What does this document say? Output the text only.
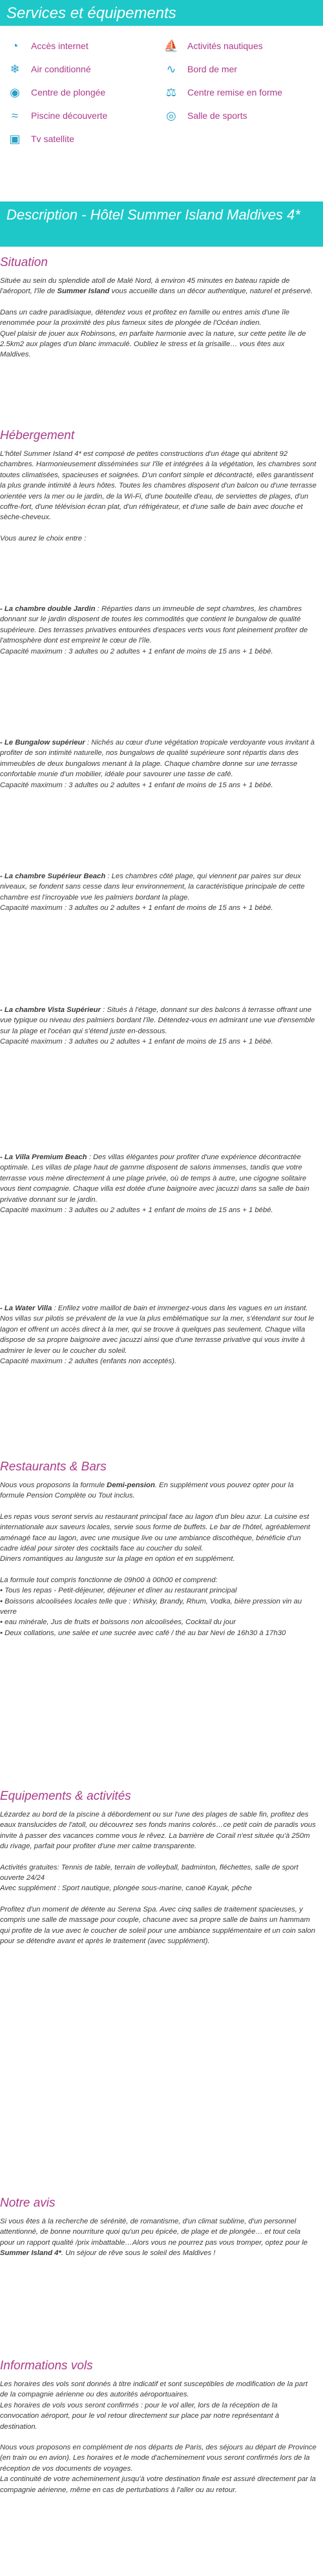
Services et équipements
◔	Accès internet	⛵ Activités nautiques
❄	Air conditionné	∿	Bord de mer
◉	Centre de plongée	⚖	Centre remise en forme
≈	Piscine découverte	◎	Salle de sports
▣	Tv satellite
Description - Hôtel Summer Island Maldives 4*
Situation

Située au sein du splendide atoll de Malé Nord, à environ 45 minutes en bateau rapide de l'aéroport, l'île de Summer Island vous accueille dans un décor authentique, naturel et préservé.

Dans un cadre paradisiaque, détendez vous et profitez en famille ou entres amis d'une île renommée pour la proximité des plus fameux sites de plongée de l'Océan indien.

Quel plaisir de jouer aux Robinsons, en parfaite harmonie avec la nature, sur cette petite île de 2.5km2 aux plages d'un blanc immaculé. Oubliez le stress et la grisaille… vous êtes aux Maldives.

Hébergement

L'hôtel Summer Island 4* est composé de petites constructions d'un étage qui abritent 92 chambres. Harmonieusement disséminées sur l'île et intégrées à la végétation, les chambres sont toutes climatisées, spacieuses et soignées. D'un confort simple et décontracté, elles garantissent la plus grande intimité à leurs hôtes. Toutes les chambres disposent d'un balcon ou d'une terrasse orientée vers la mer ou le jardin, de la Wi-Fi, d'une bouteille d'eau, de serviettes de plages, d'un coffre-fort, d'une télévision écran plat, d'un réfrigérateur, et d'une salle de bain avec douche et sèche-cheveux.

Vous aurez le choix entre :

- La chambre double Jardin : Réparties dans un immeuble de sept chambres, les chambres donnant sur le jardin disposent de toutes les commodités que contient le bungalow de qualité supérieure. Des terrasses privatives entourées d'espaces verts vous font pleinement profiter de l'atmosphère dont est empreint le cœur de l'île.

Capacité maximum : 3 adultes ou 2 adultes + 1 enfant de moins de 15 ans + 1 bébé.

- Le Bungalow supérieur : Nichés au cœur d'une végétation tropicale verdoyante vous invitant à profiter de son intimité naturelle, nos bungalows de qualité supérieure sont répartis dans des immeubles de deux bungalows menant à la plage. Chaque chambre donne sur une terrasse confortable munie d'un mobilier, idéale pour savourer une tasse de café.

Capacité maximum : 3 adultes ou 2 adultes + 1 enfant de moins de 15 ans + 1 bébé.

- La chambre Supérieur Beach : Les chambres côté plage, qui viennent par paires sur deux niveaux, se fondent sans cesse dans leur environnement, la caractéristique principale de cette chambre est l'incroyable vue les palmiers bordant la plage.

Capacité maximum : 3 adultes ou 2 adultes + 1 enfant de moins de 15 ans + 1 bébé.

- La chambre Vista Supérieur : Situés à l'étage, donnant sur des balcons à terrasse offrant une vue typique ou niveau des palmiers bordant l'île. Détendez-vous en admirant une vue d'ensemble sur la plage et l'océan qui s'étend juste en-dessous.

Capacité maximum : 3 adultes ou 2 adultes + 1 enfant de moins de 15 ans + 1 bébé.

- La Villa Premium Beach : Des villas élégantes pour profiter d'une expérience décontractée optimale. Les villas de plage haut de gamme disposent de salons immenses, tandis que votre terrasse vous mène directement à une plage privée, où de temps à autre, une cigogne solitaire vous tient compagnie. Chaque villa est dotée d'une baignoire avec jacuzzi dans sa salle de bain privative donnant sur le jardin.

Capacité maximum : 3 adultes ou 2 adultes + 1 enfant de moins de 15 ans + 1 bébé.

- La Water Villa : Enfilez votre maillot de bain et immergez-vous dans les vagues en un instant. Nos villas sur pilotis se prévalent de la vue la plus emblématique sur la mer, s'étendant sur tout le lagon et offrent un accès direct à la mer, qui se trouve à quelques pas seulement. Chaque villa dispose de sa propre baignoire avec jacuzzi ainsi que d'une terrasse privative qui vous invite à admirer le lever ou le coucher du soleil.

Capacité maximum : 2 adultes (enfants non acceptés).

Restaurants & Bars

Nous vous proposons la formule Demi-pension. En supplément vous pouvez opter pour la formule Pension Complète ou Tout inclus.

Les repas vous seront servis au restaurant principal face au lagon d'un bleu azur. La cuisine est internationale aux saveurs locales, servie sous forme de buffets. Le bar de l'hôtel, agréablement aménagé face au lagon, avec une musique live ou une ambiance discothèque, bénéficie d'un cadre idéal pour siroter des cocktails face au coucher du soleil.

Diners romantiques au languste sur la plage en option et en supplément.

La formule tout compris fonctionne de 09h00 à 00h00 et comprend:

• Tous les repas - Petit-déjeuner, déjeuner et dîner au restaurant principal

• Boissons alcoolisées locales telle que : Whisky, Brandy, Rhum, Vodka, bière pression vin au verre

• eau minérale, Jus de fruits et boissons non alcoolisées, Cocktail du jour

• Deux collations, une salée et une sucrée avec café / thé au bar Nevi de 16h30 à 17h30

Equipements & activités

Lézardez au bord de la piscine à débordement ou sur l'une des plages de sable fin, profitez des eaux translucides de l'atoll, ou découvrez ses fonds marins colorés…ce petit coin de paradis vous invite à passer des vacances comme vous le rêvez. La barrière de Corail n'est située qu'à 250m du rivage, parfait pour profiter d'une mer calme transparente.

Activités gratuites: Tennis de table, terrain de volleyball, badminton, fléchettes, salle de sport ouverte 24/24

Avec supplément : Sport nautique, plongée sous-marine, canoë Kayak, pêche

Profitez d'un moment de détente au Serena Spa. Avec cinq salles de traitement spacieuses, y compris une salle de massage pour couple, chacune avec sa propre salle de bains un hammam qui profite de la vue avec le coucher de soleil pour une ambiance supplémentaire et un coin salon pour se détendre avant et après le traitement (avec supplément).

Notre avis

Si vous êtes à la recherche de sérénité, de romantisme, d'un climat sublime, d'un personnel attentionné, de bonne nourriture quoi qu'un peu épicée, de plage et de plongée… et tout cela pour un rapport qualité /prix imbattable…Alors vous ne pourrez pas vous tromper, optez pour le Summer Island 4*. Un séjour de rêve sous le soleil des Maldives !

Informations vols

Les horaires des vols sont donnés à titre indicatif et sont susceptibles de modification de la part de la compagnie aérienne ou des autorités aéroportuaires.

Les horaires de vols vous seront confirmés : pour le vol aller, lors de la réception de la convocation aéroport, pour le vol retour directement sur place par notre représentant à destination.

Nous vous proposons en complément de nos départs de Paris, des séjours au départ de Province (en train ou en avion). Les horaires et le mode d'acheminement vous seront confirmés lors de la réception de vos documents de voyages.

La continuité de votre acheminement jusqu'à votre destination finale est assuré directement par la compagnie aérienne, même en cas de perturbations à l'aller ou au retour.
